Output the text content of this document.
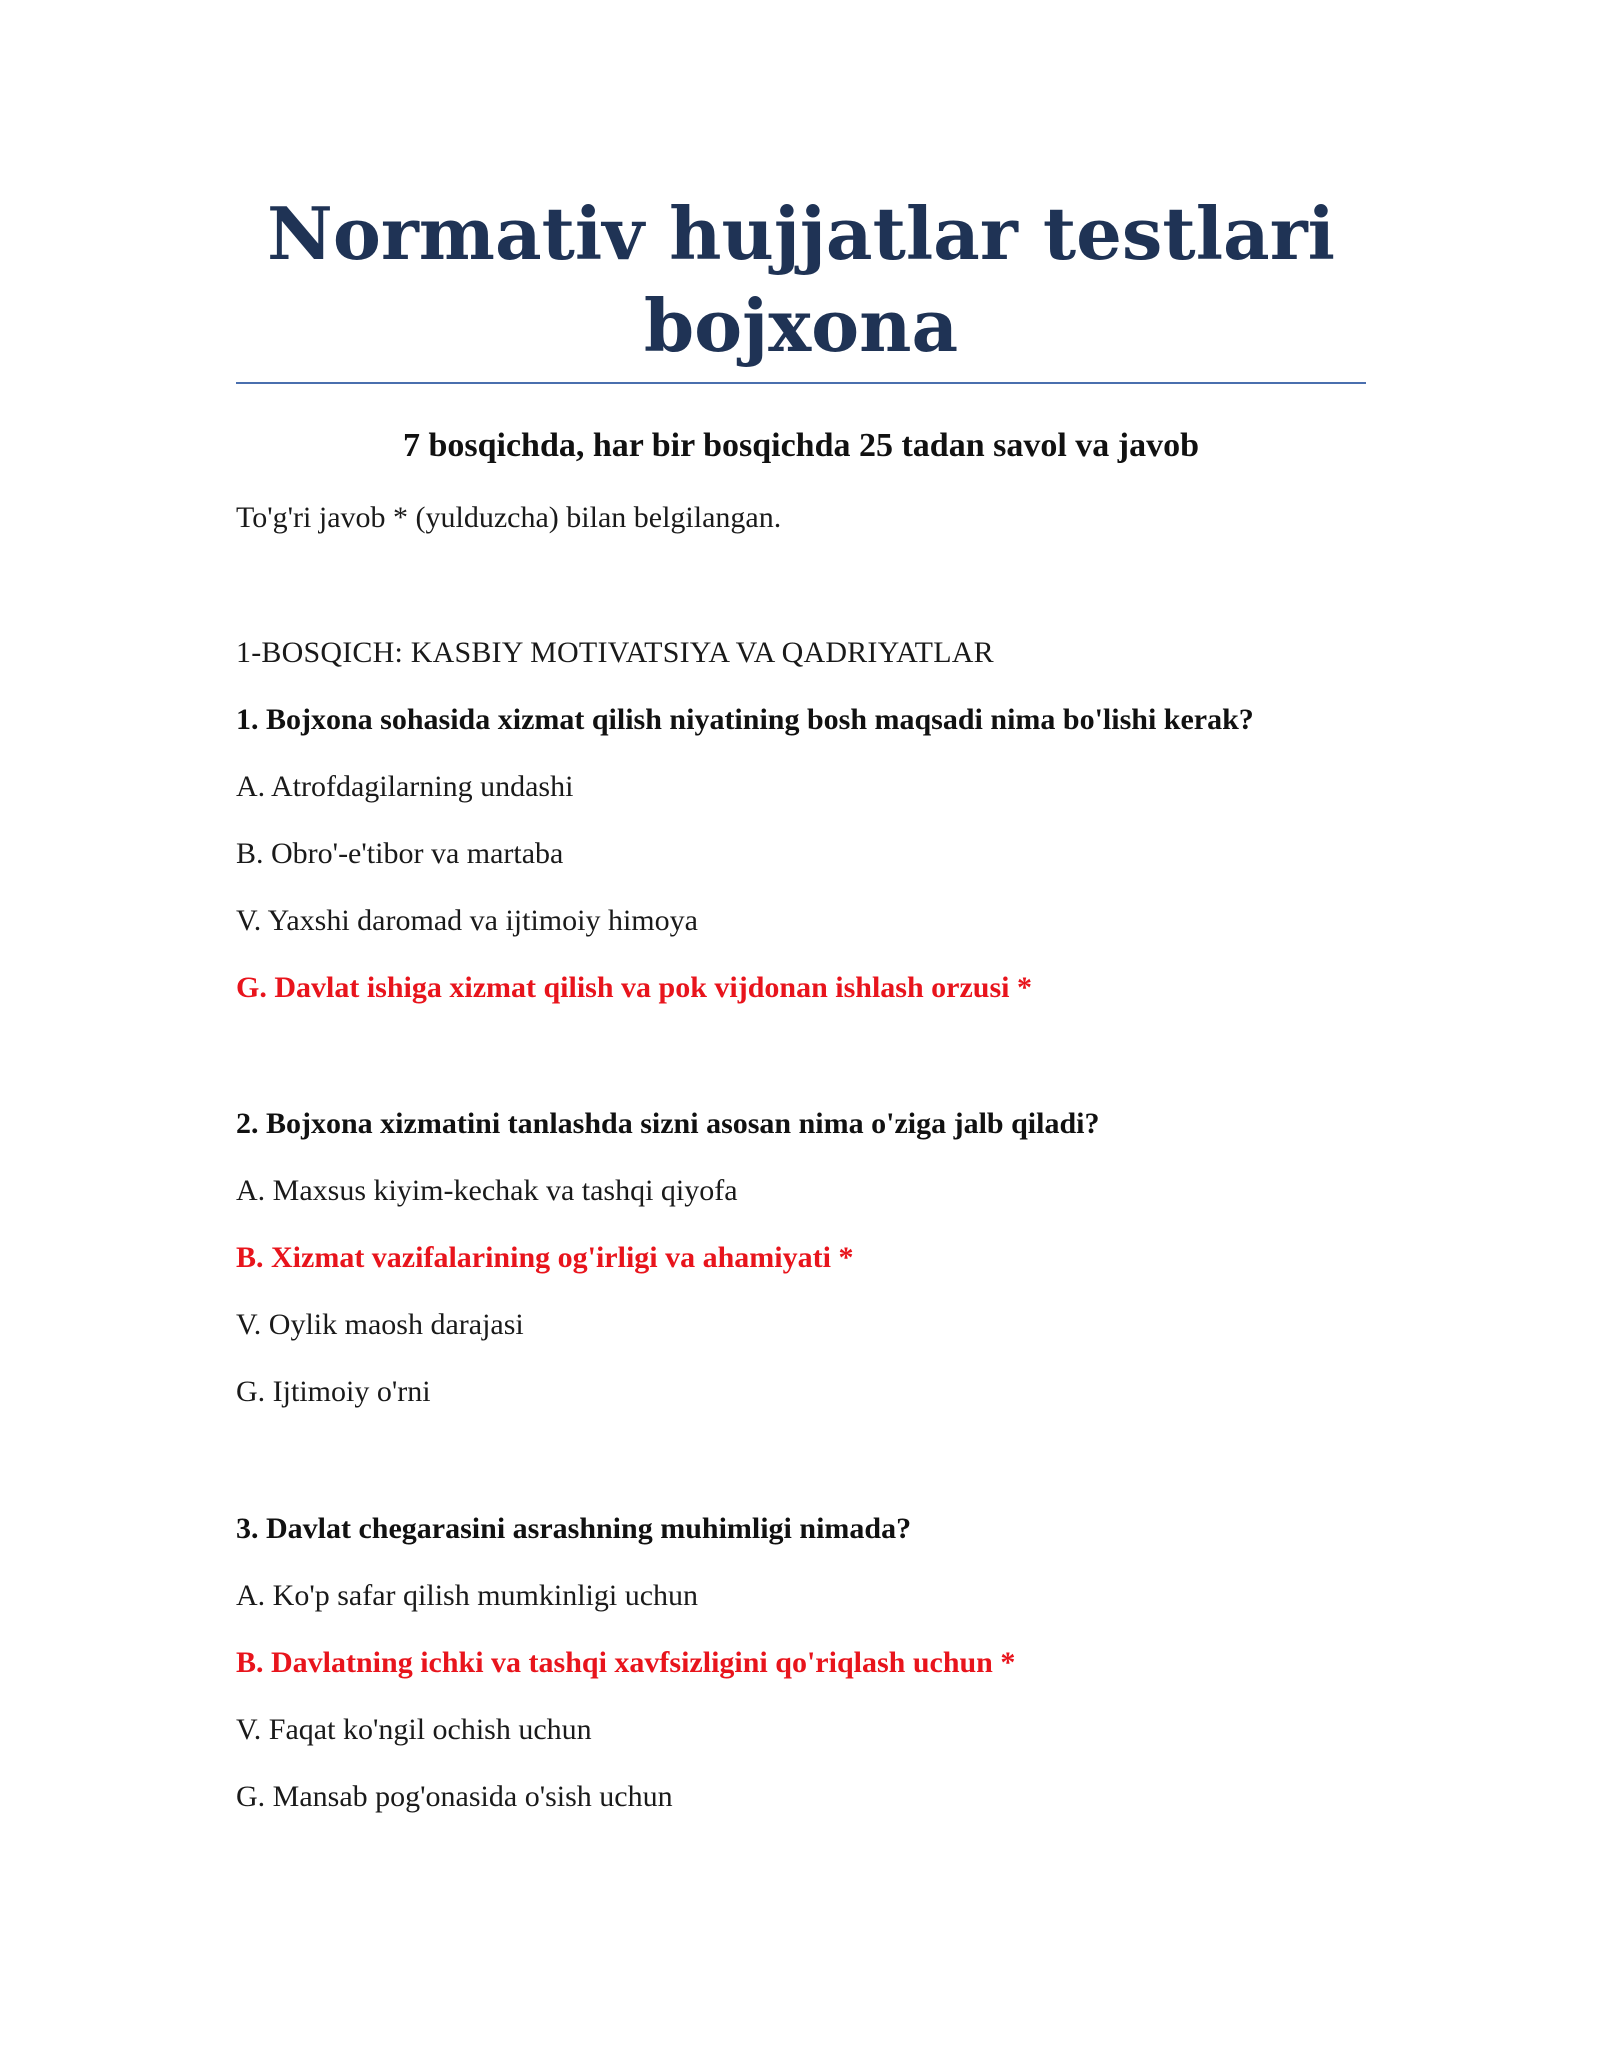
Normativ hujjatlar testlari
bojxona
7 bosqichda, har bir bosqichda 25 tadan savol va javob
To'g'ri javob * (yulduzcha) bilan belgilangan.
1-BOSQICH: KASBIY MOTIVATSIYA VA QADRIYATLAR
1. Bojxona sohasida xizmat qilish niyatining bosh maqsadi nima bo'lishi kerak?
A. Atrofdagilarning undashi
B. Obro'-e'tibor va martaba
V. Yaxshi daromad va ijtimoiy himoya
G. Davlat ishiga xizmat qilish va pok vijdonan ishlash orzusi *
2. Bojxona xizmatini tanlashda sizni asosan nima o'ziga jalb qiladi?
A. Maxsus kiyim-kechak va tashqi qiyofa
B. Xizmat vazifalarining og'irligi va ahamiyati *
V. Oylik maosh darajasi
G. Ijtimoiy o'rni
3. Davlat chegarasini asrashning muhimligi nimada?
A. Ko'p safar qilish mumkinligi uchun
B. Davlatning ichki va tashqi xavfsizligini qo'riqlash uchun *
V. Faqat ko'ngil ochish uchun
G. Mansab pog'onasida o'sish uchun
